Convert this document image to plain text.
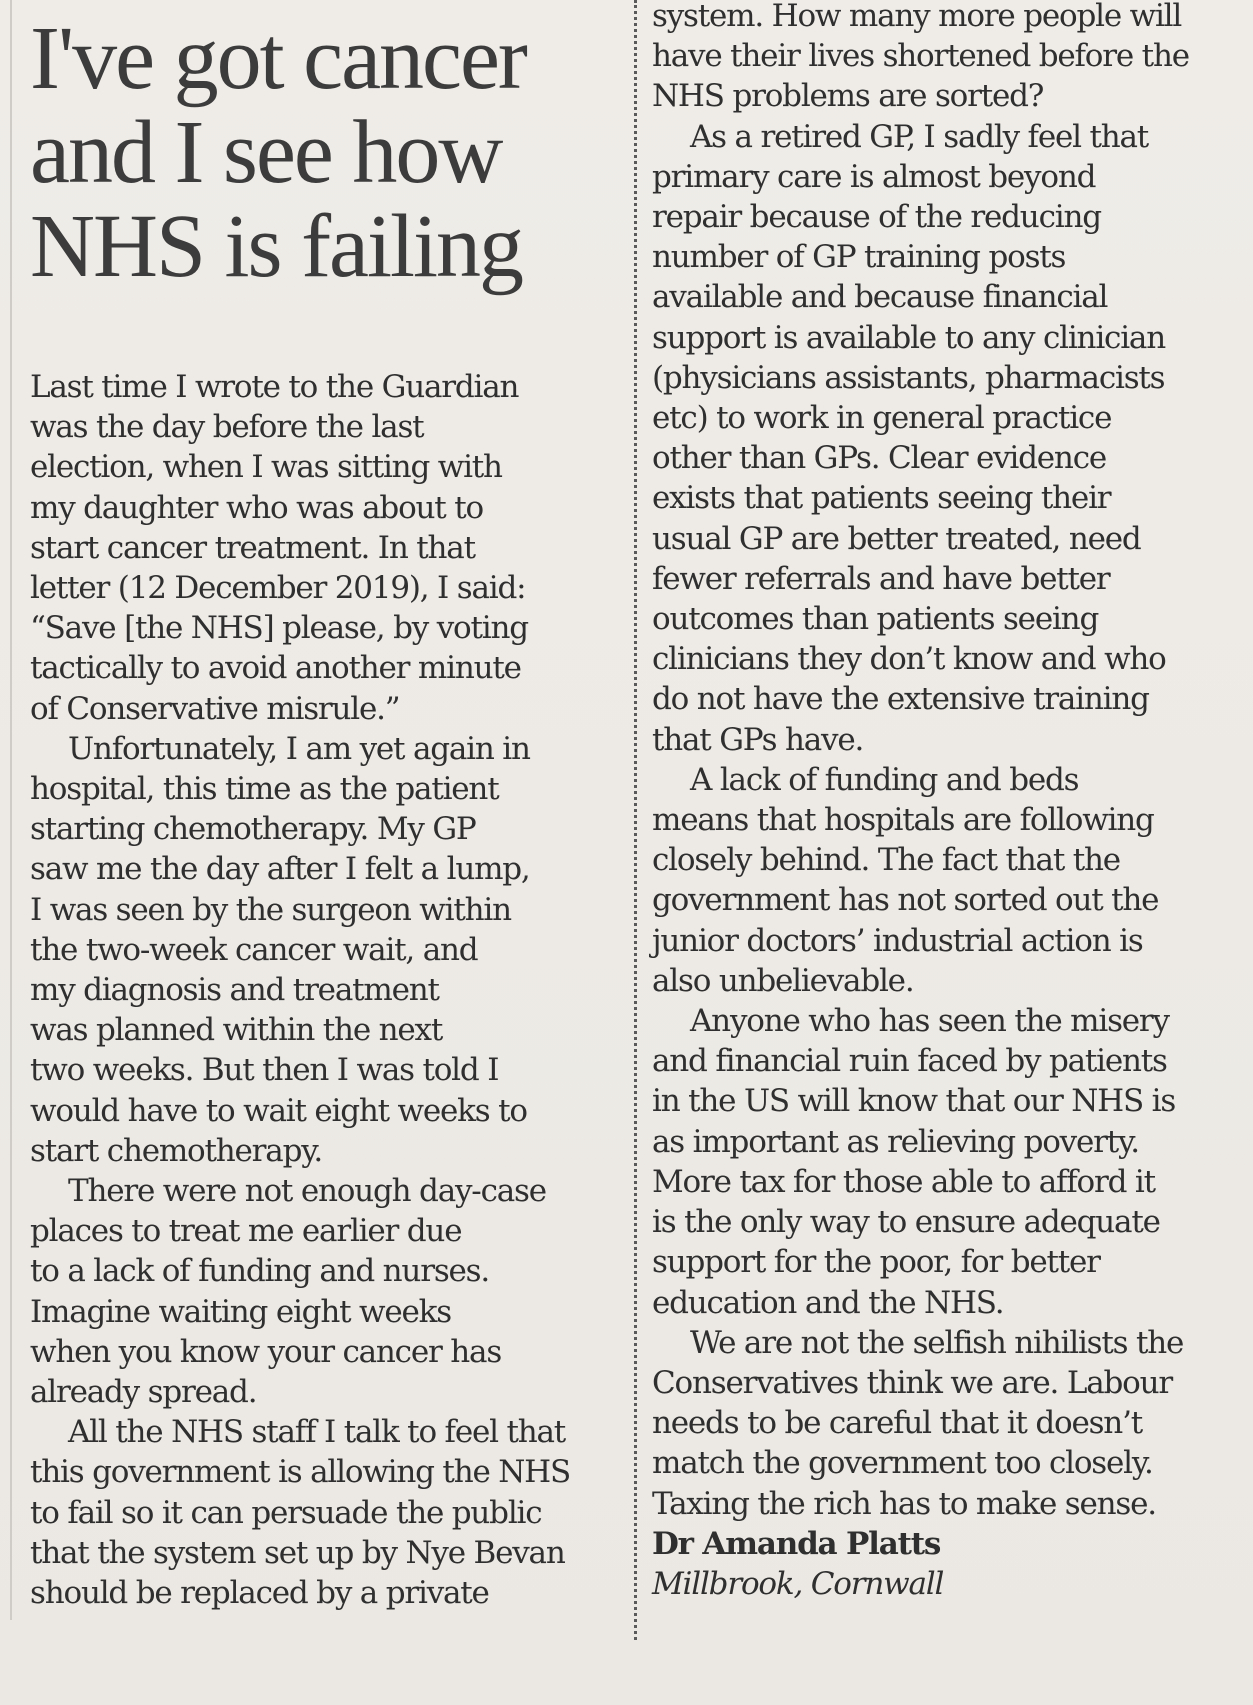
I've got cancer
and I see how
NHS is failing
Last time I wrote to the Guardian
was the day before the last
election, when I was sitting with
my daughter who was about to
start cancer treatment. In that
letter (12 December 2019), I said:
“Save [the NHS] please, by voting
tactically to avoid another minute
of Conservative misrule.”
Unfortunately, I am yet again in
hospital, this time as the patient
starting chemotherapy. My GP
saw me the day after I felt a lump,
I was seen by the surgeon within
the two-week cancer wait, and
my diagnosis and treatment
was planned within the next
two weeks. But then I was told I
would have to wait eight weeks to
start chemotherapy.
There were not enough day-case
places to treat me earlier due
to a lack of funding and nurses.
Imagine waiting eight weeks
when you know your cancer has
already spread.
All the NHS staff I talk to feel that
this government is allowing the NHS
to fail so it can persuade the public
that the system set up by Nye Bevan
should be replaced by a private
system. How many more people will
have their lives shortened before the
NHS problems are sorted?
As a retired GP, I sadly feel that
primary care is almost beyond
repair because of the reducing
number of GP training posts
available and because financial
support is available to any clinician
(physicians assistants, pharmacists
etc) to work in general practice
other than GPs. Clear evidence
exists that patients seeing their
usual GP are better treated, need
fewer referrals and have better
outcomes than patients seeing
clinicians they don’t know and who
do not have the extensive training
that GPs have.
A lack of funding and beds
means that hospitals are following
closely behind. The fact that the
government has not sorted out the
junior doctors’ industrial action is
also unbelievable.
Anyone who has seen the misery
and financial ruin faced by patients
in the US will know that our NHS is
as important as relieving poverty.
More tax for those able to afford it
is the only way to ensure adequate
support for the poor, for better
education and the NHS.
We are not the selfish nihilists the
Conservatives think we are. Labour
needs to be careful that it doesn’t
match the government too closely.
Taxing the rich has to make sense.
Dr Amanda Platts
Millbrook, Cornwall
